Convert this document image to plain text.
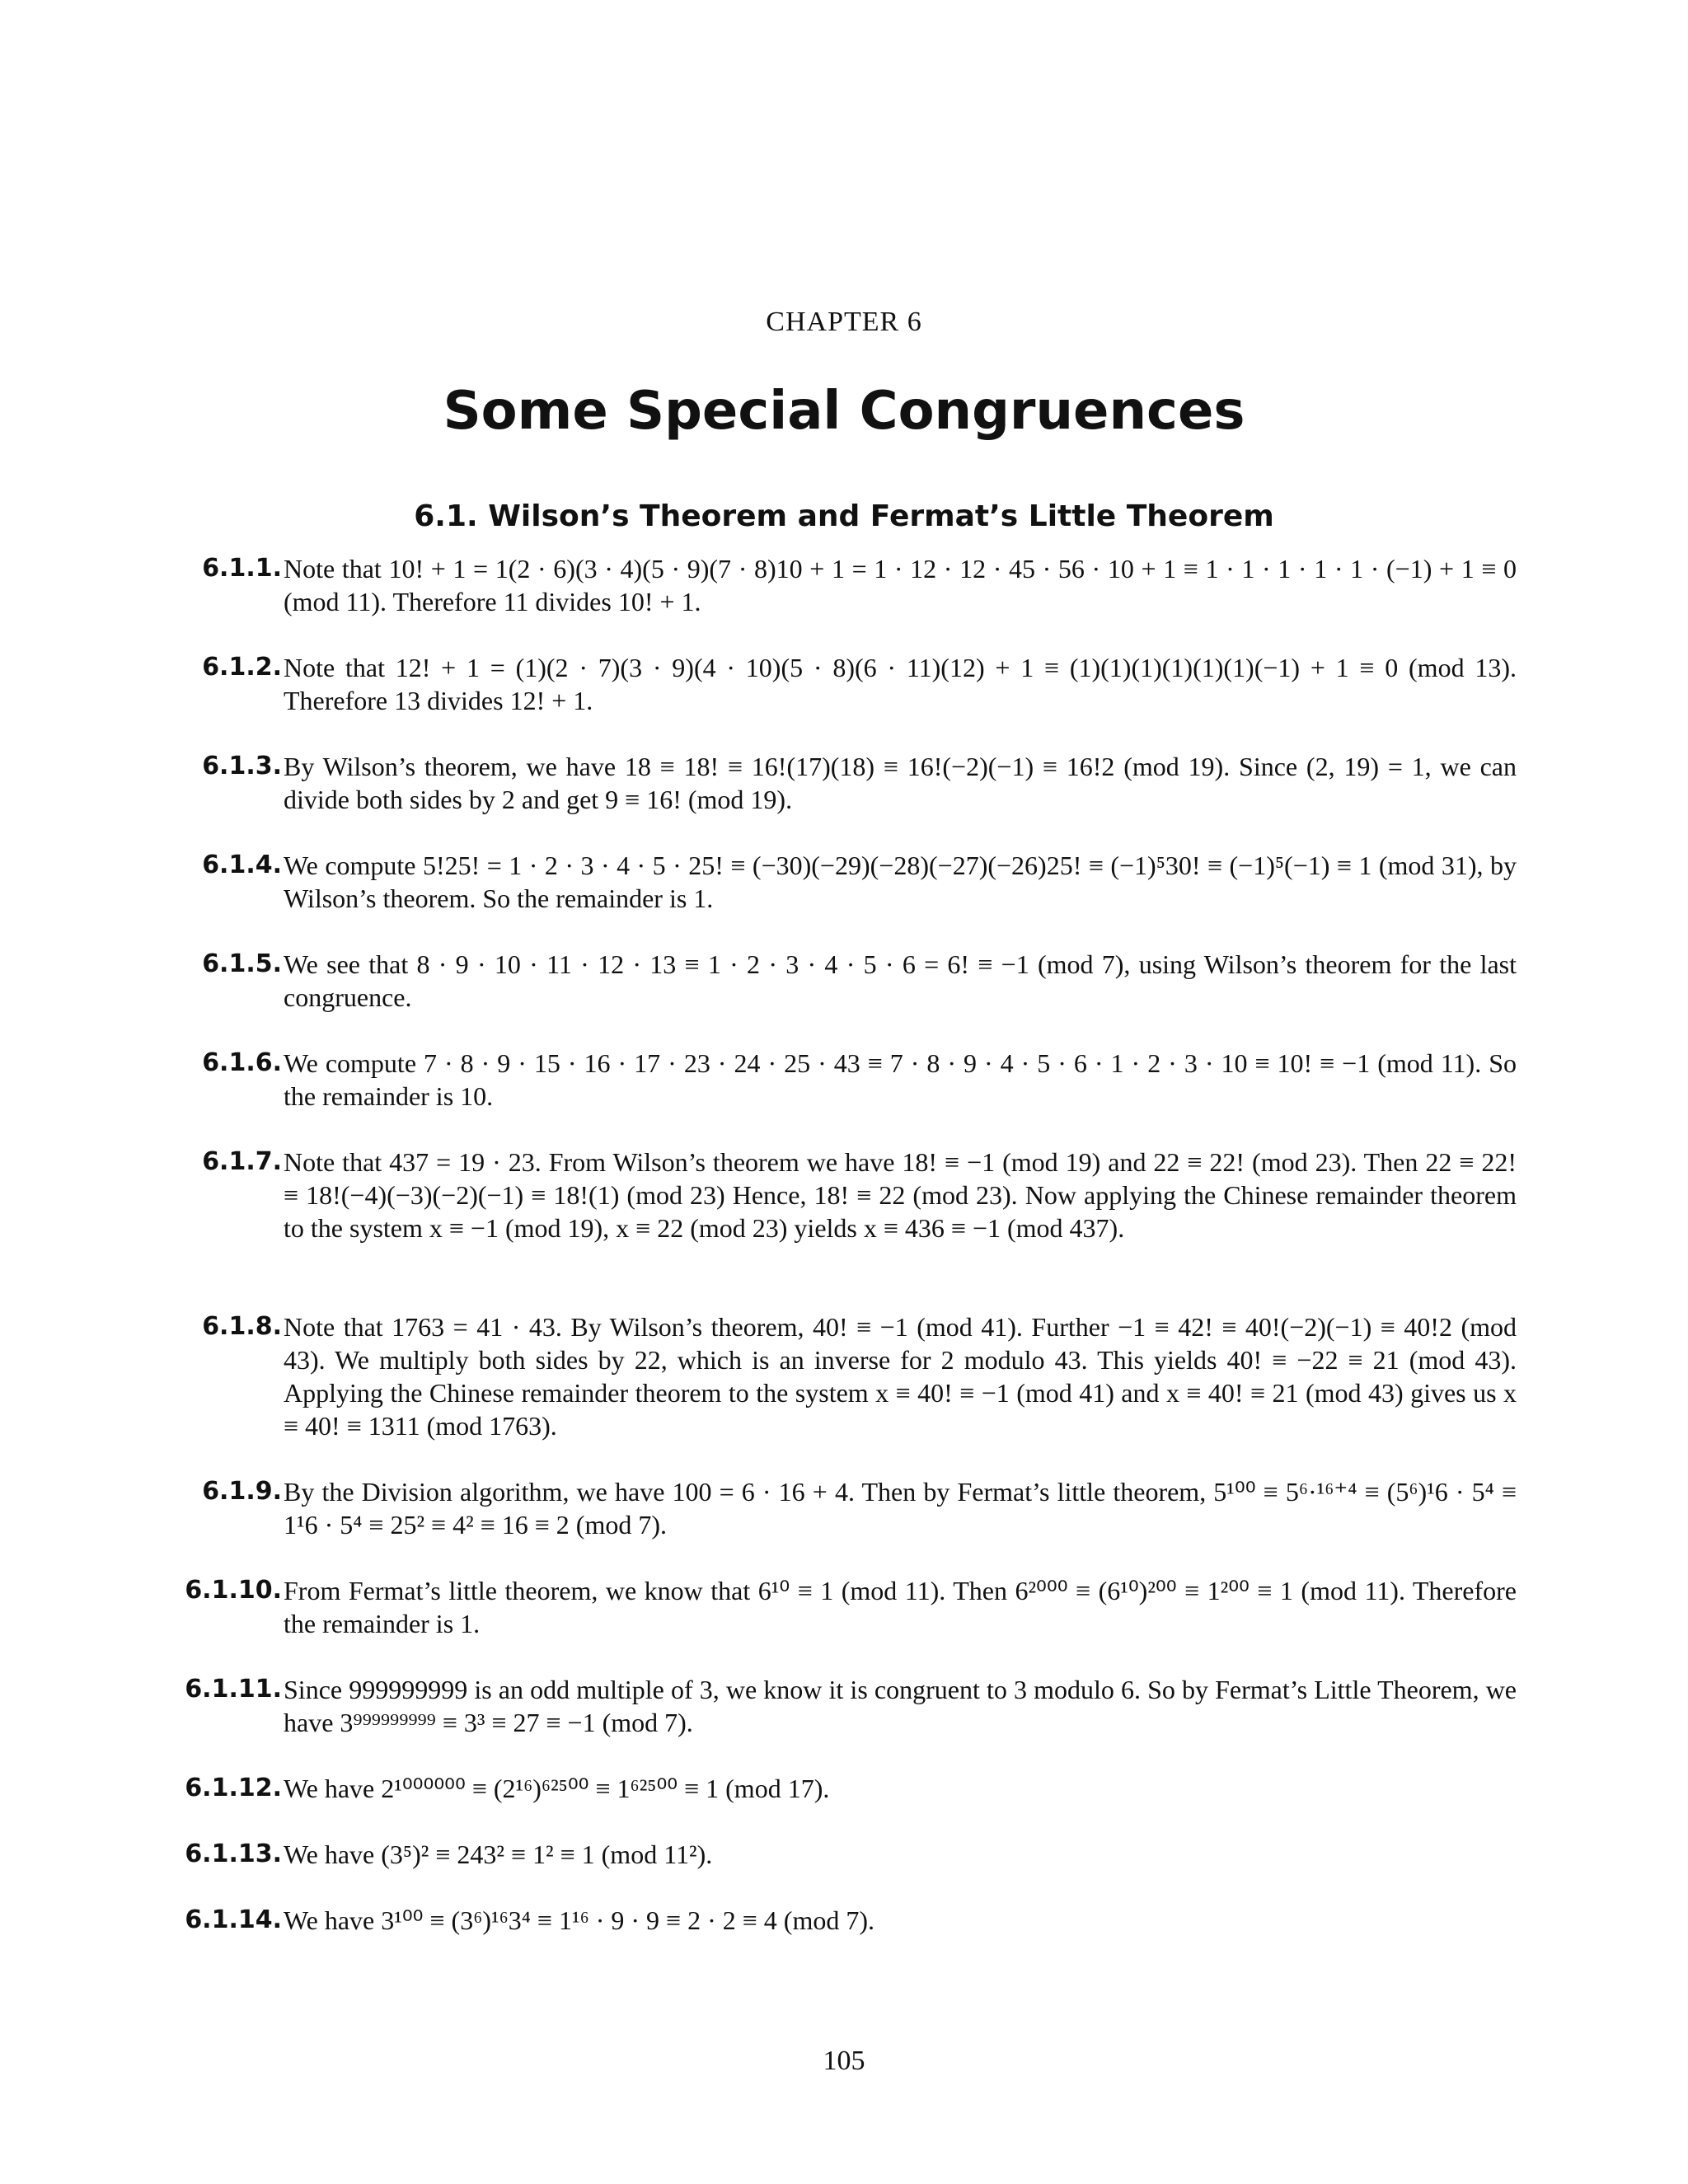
CHAPTER 6
Some Special Congruences
6.1. Wilson’s Theorem and Fermat’s Little Theorem
6.1.1. Note that 10! + 1 = 1(2 · 6)(3 · 4)(5 · 9)(7 · 8)10 + 1 = 1 · 12 · 12 · 45 · 56 · 10 + 1 ≡ 1 · 1 · 1 · 1 · 1 · (−1) + 1 ≡ 0 (mod 11). Therefore 11 divides 10! + 1.

6.1.2. Note that 12! + 1 = (1)(2 · 7)(3 · 9)(4 · 10)(5 · 8)(6 · 11)(12) + 1 ≡ (1)(1)(1)(1)(1)(1)(−1) + 1 ≡ 0 (mod 13). Therefore 13 divides 12! + 1.

6.1.3. By Wilson’s theorem, we have 18 ≡ 18! ≡ 16!(17)(18) ≡ 16!(−2)(−1) ≡ 16!2 (mod 19). Since (2, 19) = 1, we can divide both sides by 2 and get 9 ≡ 16! (mod 19).

6.1.4. We compute 5!25! = 1 · 2 · 3 · 4 · 5 · 25! ≡ (−30)(−29)(−28)(−27)(−26)25! ≡ (−1)⁵30! ≡ (−1)⁵(−1) ≡ 1 (mod 31), by Wilson’s theorem. So the remainder is 1.

6.1.5. We see that 8 · 9 · 10 · 11 · 12 · 13 ≡ 1 · 2 · 3 · 4 · 5 · 6 = 6! ≡ −1 (mod 7), using Wilson’s theorem for the last congruence.

6.1.6. We compute 7 · 8 · 9 · 15 · 16 · 17 · 23 · 24 · 25 · 43 ≡ 7 · 8 · 9 · 4 · 5 · 6 · 1 · 2 · 3 · 10 ≡ 10! ≡ −1 (mod 11). So the remainder is 10.

6.1.7. Note that 437 = 19 · 23. From Wilson’s theorem we have 18! ≡ −1 (mod 19) and 22 ≡ 22! (mod 23). Then 22 ≡ 22! ≡ 18!(−4)(−3)(−2)(−1) ≡ 18!(1) (mod 23) Hence, 18! ≡ 22 (mod 23). Now applying the Chinese remainder theorem to the system x ≡ −1 (mod 19), x ≡ 22 (mod 23) yields x ≡ 436 ≡ −1 (mod 437).

6.1.8. Note that 1763 = 41 · 43. By Wilson’s theorem, 40! ≡ −1 (mod 41). Further −1 ≡ 42! ≡ 40!(−2)(−1) ≡ 40!2 (mod 43). We multiply both sides by 22, which is an inverse for 2 modulo 43. This yields 40! ≡ −22 ≡ 21 (mod 43). Applying the Chinese remainder theorem to the system x ≡ 40! ≡ −1 (mod 41) and x ≡ 40! ≡ 21 (mod 43) gives us x ≡ 40! ≡ 1311 (mod 1763).

6.1.9. By the Division algorithm, we have 100 = 6 · 16 + 4. Then by Fermat’s little theorem, 5¹⁰⁰ ≡ 5⁶·¹⁶⁺⁴ ≡ (5⁶)¹6 · 5⁴ ≡ 1¹6 · 5⁴ ≡ 25² ≡ 4² ≡ 16 ≡ 2 (mod 7).

6.1.10. From Fermat’s little theorem, we know that 6¹⁰ ≡ 1 (mod 11). Then 6²⁰⁰⁰ ≡ (6¹⁰)²⁰⁰ ≡ 1²⁰⁰ ≡ 1 (mod 11). Therefore the remainder is 1.

6.1.11. Since 999999999 is an odd multiple of 3, we know it is congruent to 3 modulo 6. So by Fermat’s Little Theorem, we have 3⁹⁹⁹⁹⁹⁹⁹⁹⁹ ≡ 3³ ≡ 27 ≡ −1 (mod 7).

6.1.12. We have 2¹⁰⁰⁰⁰⁰⁰ ≡ (2¹⁶)⁶²⁵⁰⁰ ≡ 1⁶²⁵⁰⁰ ≡ 1 (mod 17).

6.1.13. We have (3⁵)² ≡ 243² ≡ 1² ≡ 1 (mod 11²).

6.1.14. We have 3¹⁰⁰ ≡ (3⁶)¹⁶3⁴ ≡ 1¹⁶ · 9 · 9 ≡ 2 · 2 ≡ 4 (mod 7).

105
